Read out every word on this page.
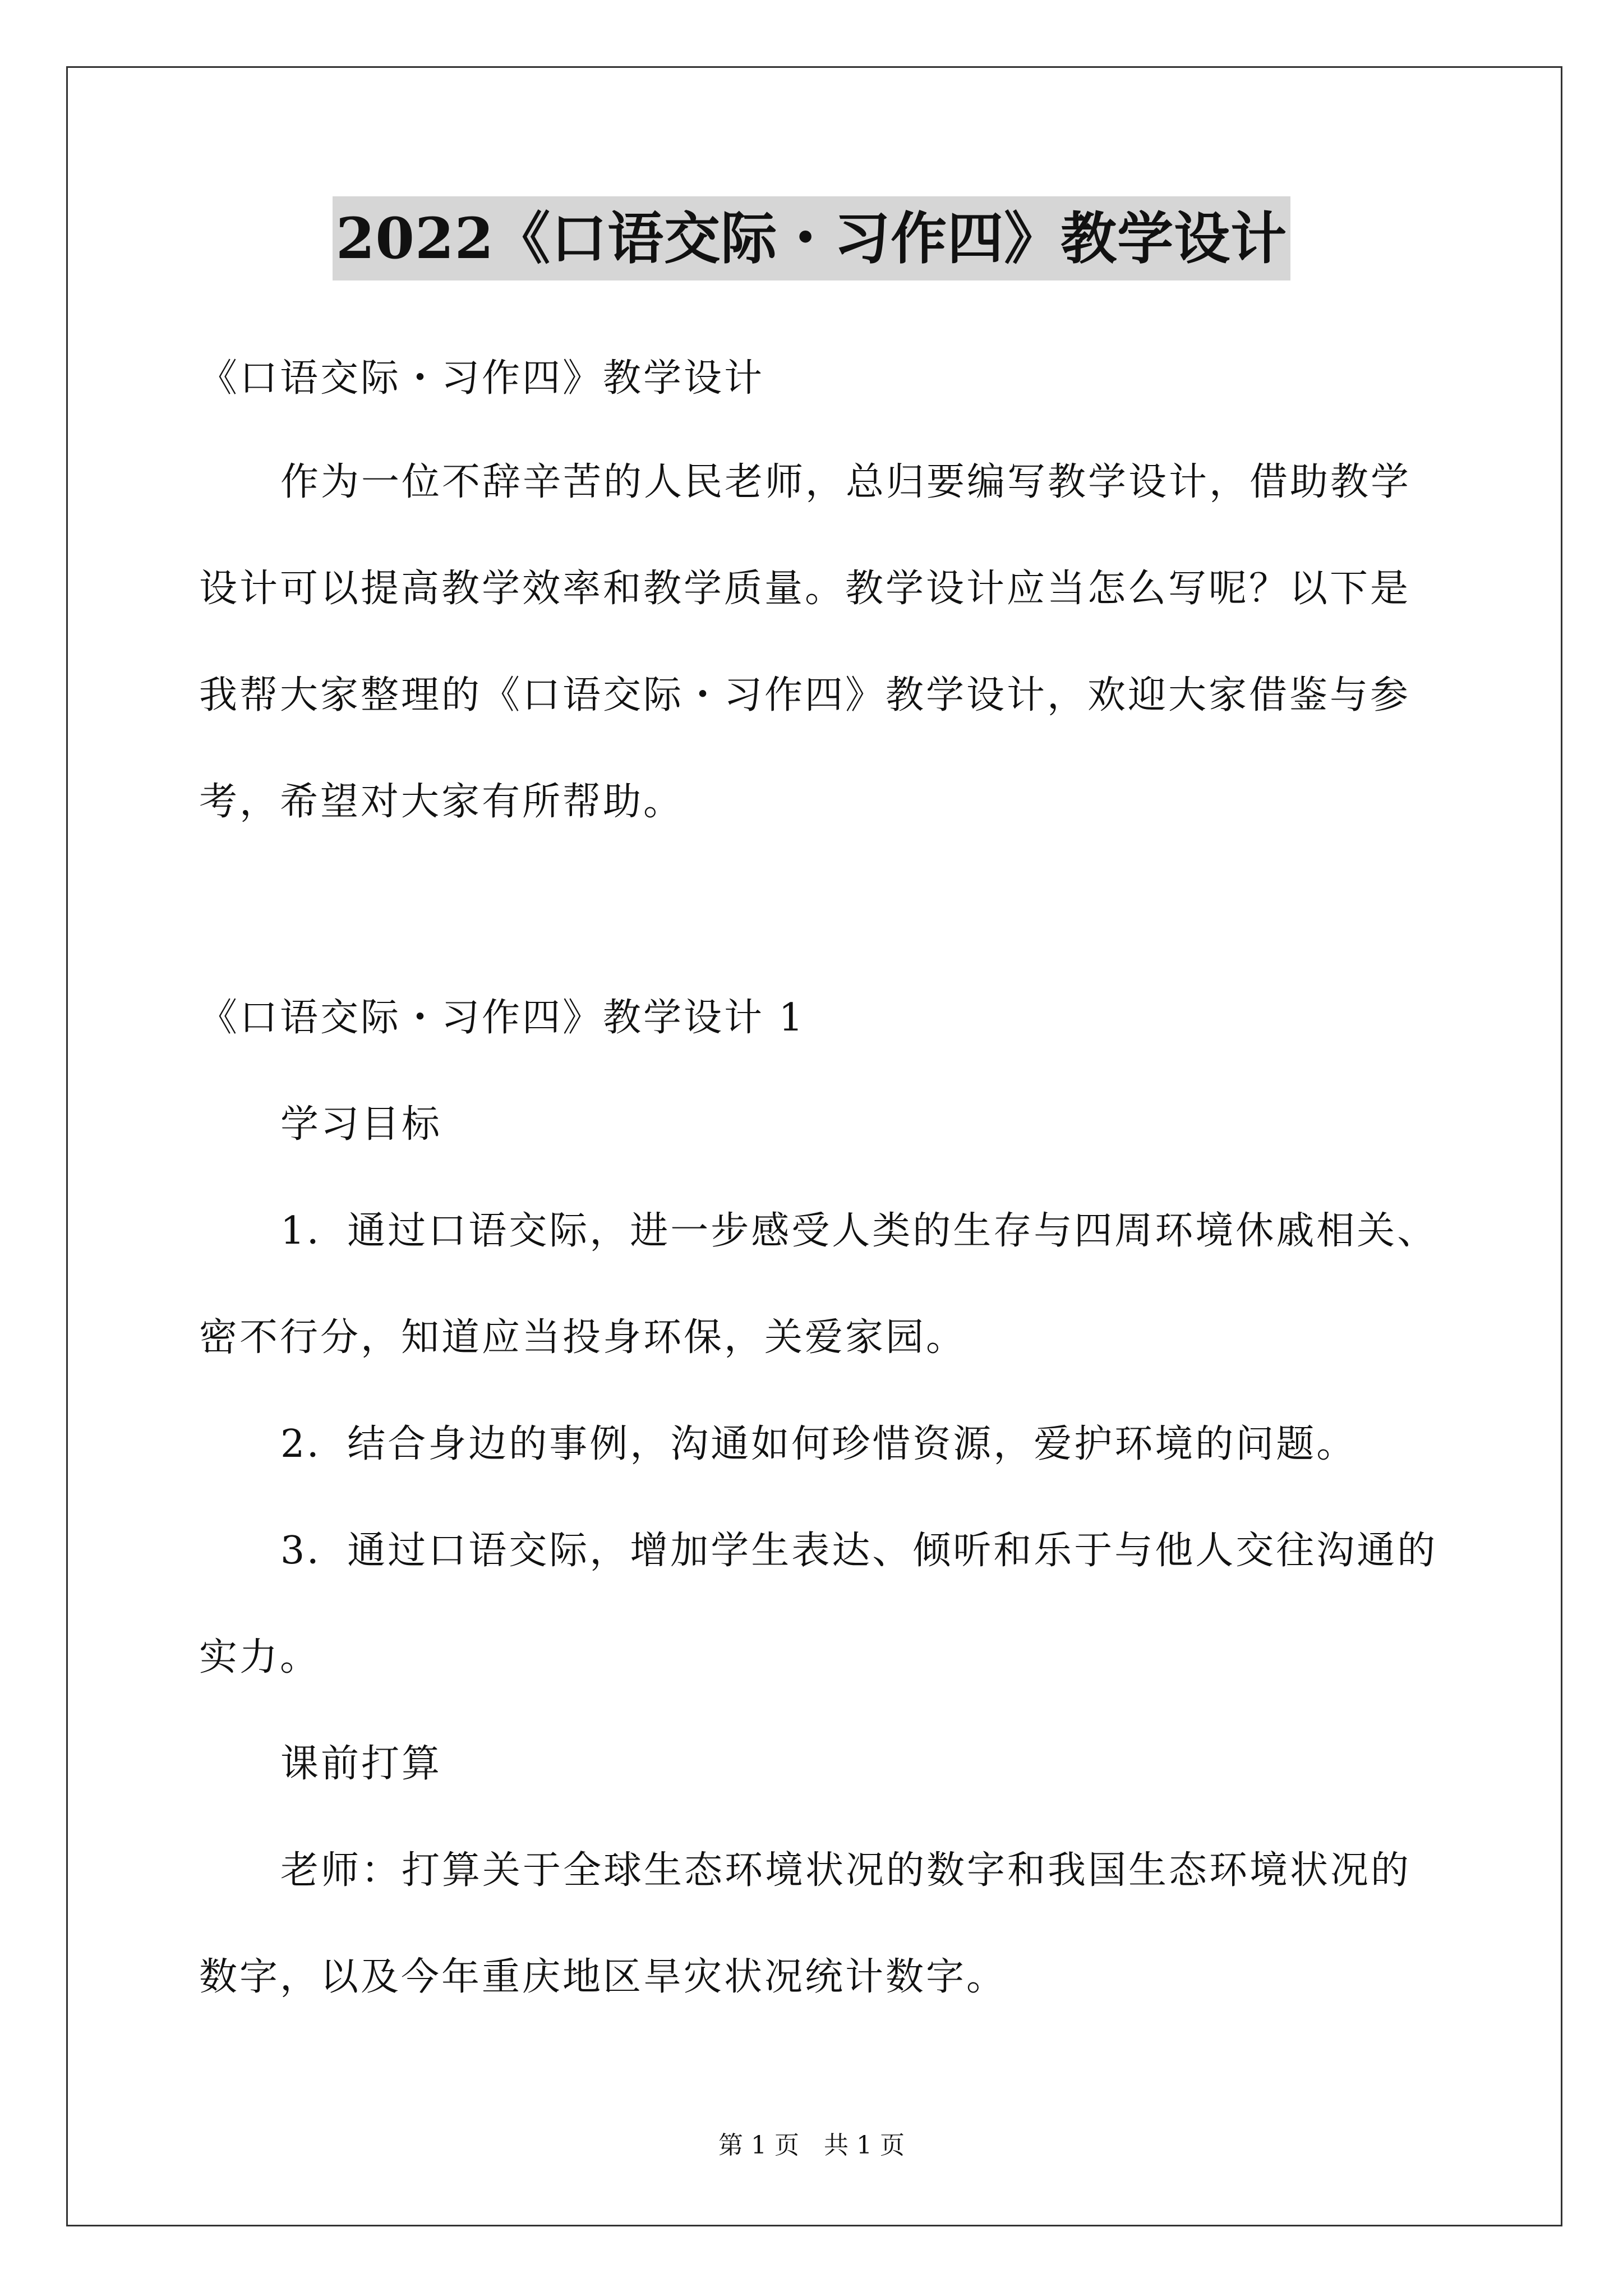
2022《口语交际・习作四》教学设计
《口语交际・习作四》教学设计
作为一位不辞辛苦的人民老师，总归要编写教学设计，借助教学
设计可以提高教学效率和教学质量。教学设计应当怎么写呢？以下是
我帮大家整理的《口语交际・习作四》教学设计，欢迎大家借鉴与参
考，希望对大家有所帮助。
《口语交际・习作四》教学设计 1
学习目标
1．通过口语交际，进一步感受人类的生存与四周环境休戚相关、
密不行分，知道应当投身环保，关爱家园。
2．结合身边的事例，沟通如何珍惜资源，爱护环境的问题。
3．通过口语交际，增加学生表达、倾听和乐于与他人交往沟通的
实力。
课前打算
老师：打算关于全球生态环境状况的数字和我国生态环境状况的
数字，以及今年重庆地区旱灾状况统计数字。
第 1 页　共 1 页
